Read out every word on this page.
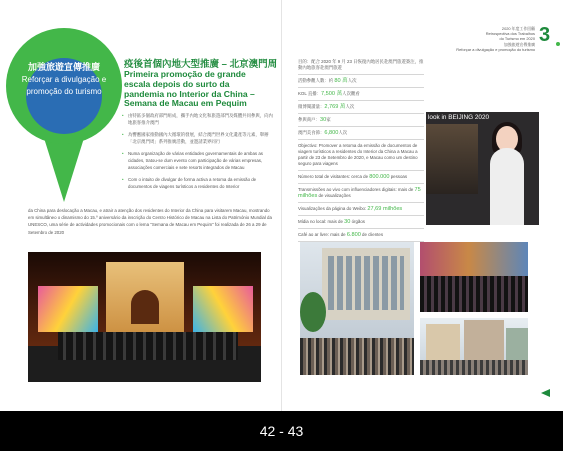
加強旅遊宣傳推廣
Reforçar a divulgação e
promoção do turismo
疫後首個內地大型推廣 – 北京澳門周
Primeira promoção de grande escala depois do surto da pandemia no Interior da China – Semana de Macau em Pequim
• 由特區多個政府部門組成，攜手內地文化和旅遊部門及媒體共同參與，向內地旅客推介澳門
• 為響應國家推動國內大循環的發展，結合澳門世界文化遺產等元素，舉辦「北京澳門周」系列推廣活動，並邀請業界同行
• Numa organização de várias entidades governamentais de ambas as cidades, tratou-se dum evento com participação de várias empresas, associações comerciais e sete resorts integrados de Macau
• Com o intuito de divulgar de forma activa a retoma da emissão de documentos de viagens turísticos a residentes do Interior

da China para deslocação a Macau, e atrair a atenção dos residentes do Interior da China para visitarem Macau, mostrando em simultâneo o dinamismo do 15.º aniversário da inscrição do Centro Histórico de Macau na Lista do Património Mundial da UNESCO, uma série de actividades promocionais com o lema "Semana de Macau em Pequim" foi realizada de 26 a 29 de Setembro de 2020

2020 年度工作回顧
Retrospectiva dos Trabalhos
do Turismo em 2020
加強旅遊宣傳推廣
Reforçar a divulgação e promoção do turismo
3
目的：配合 2020 年 9 月 23 日恢復內地居民赴澳門旅遊簽注，推動內地旅客赴澳門旅遊
活動參觀人數：約 80 萬人次
KOL 直播：7,500 萬人次觀看
微博閱讀量：2,769 萬人次
參與商戶：30家
澳門美食節：6,800人次
Objectivo: Promover a retoma da emissão de documentos de viagem turísticos a residentes do Interior da China a Macau a partir de 23 de Setembro de 2020, e Macau como um destino seguro para viagens
Número total de visitantes: cerca de 800.000 pessoas
Transmissões ao vivo com influenciadores digitais: mais de 75 milhões de visualizações
Visualizações da página do Weibo: 27,69 milhões
Mídia no local: mais de 30 órgãos
Café ao ar livre: mais de 6.800 de clientes
look in BEIJING 2020
42 - 43
